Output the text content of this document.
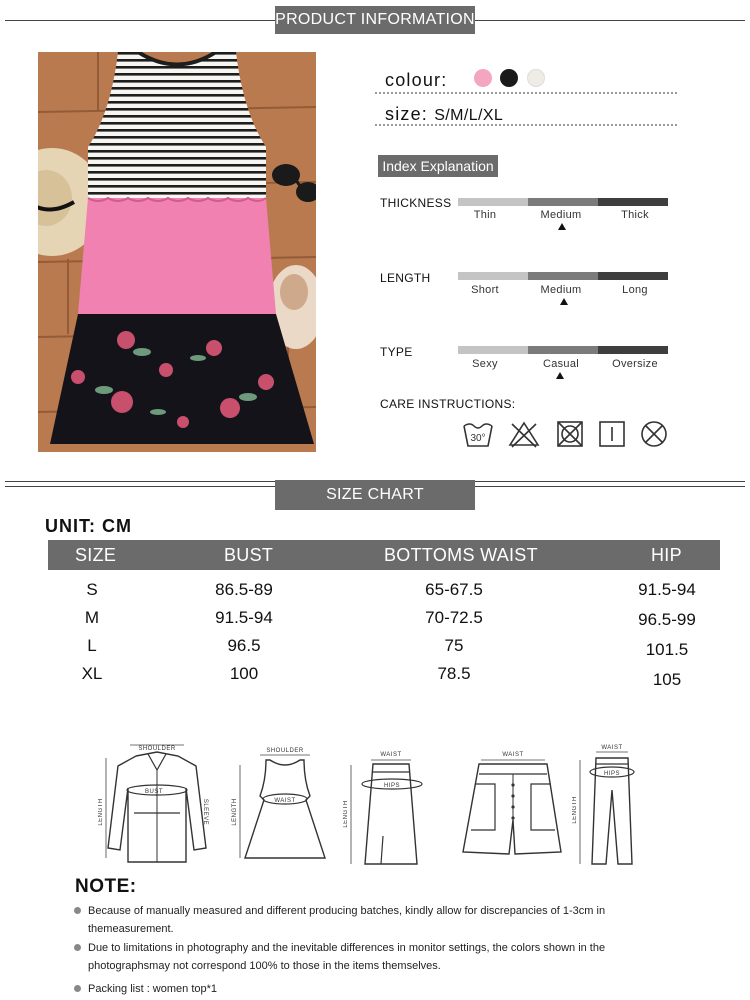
PRODUCT INFORMATION
colour:
size: S/M/L/XL
Index Explanation
THICKNESS
Thin	Medium	Thick
LENGTH
Short	Medium	Long
TYPE
Sexy	Casual	Oversize
CARE INSTRUCTIONS:
30°
SIZE CHART
UNIT: CM
SIZE	BUST	BOTTOMS WAIST	HIP
S	86.5-89	65-67.5	91.5-94
M	91.5-94	70-72.5	96.5-99
L	96.5	75	101.5
XL	100	78.5	105
SHOULDER
LENGTH
BUST
SLEEVE
SHOULDER
LENGTH	WAIST
WAIST
LENGTH
HIPS
WAIST
WAIST
LENGTH
HIPS
NOTE:
Because of manually measured and different producing batches, kindly allow for discrepancies of 1-3cm in themeasurement.
Due to limitations in photography and the inevitable differences in monitor settings, the colors shown in the photographsmay not correspond 100% to those in the items themselves.
Packing list : women top*1
